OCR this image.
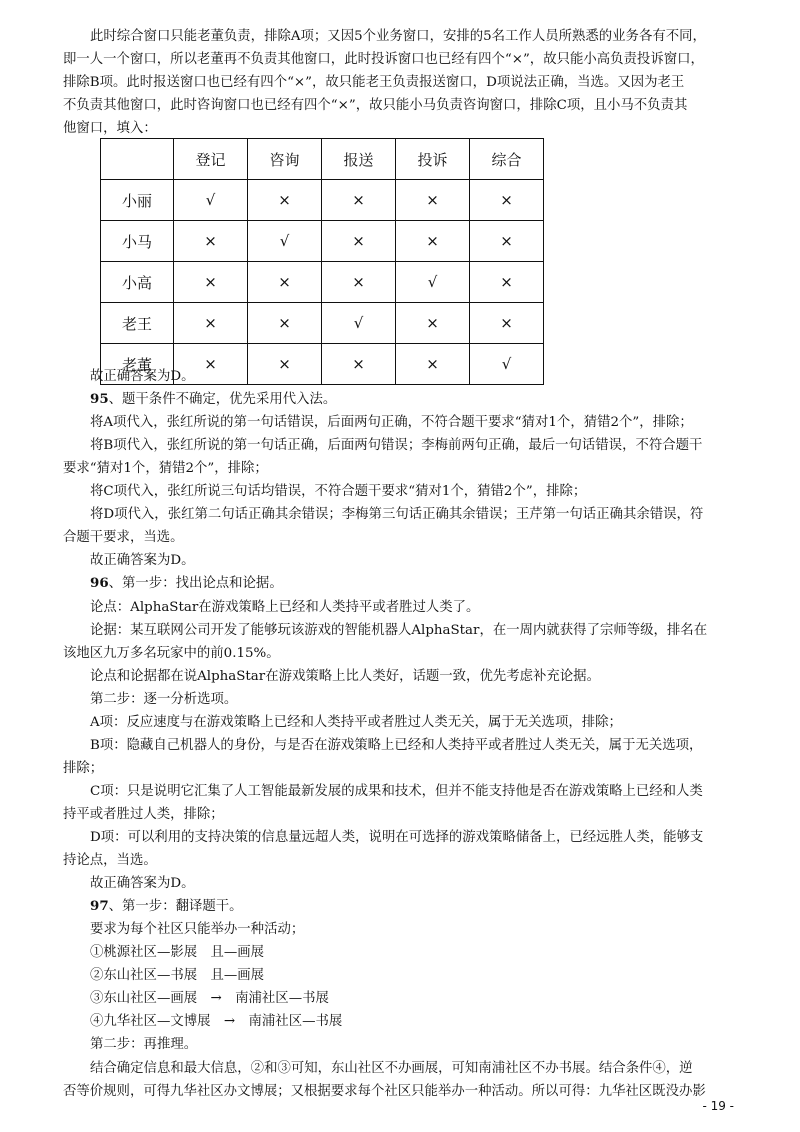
此时综合窗口只能老董负责，排除A项；又因5个业务窗口，安排的5名工作人员所熟悉的业务各有不同，
即一人一个窗口，所以老董再不负责其他窗口，此时投诉窗口也已经有四个“×”，故只能小高负责投诉窗口，
排除B项。此时报送窗口也已经有四个“×”，故只能老王负责报送窗口，D项说法正确，当选。又因为老王
不负责其他窗口，此时咨询窗口也已经有四个“×”，故只能小马负责咨询窗口，排除C项，且小马不负责其
他窗口，填入：
	登记	咨询	报送	投诉	综合
小丽	√	×	×	×	×
小马	×	√	×	×	×
小高	×	×	×	√	×
老王	×	×	√	×	×
老董	×	×	×	×	√
故正确答案为D。
95、题干条件不确定，优先采用代入法。
将A项代入，张红所说的第一句话错误，后面两句正确，不符合题干要求“猜对1个，猜错2个”，排除；
将B项代入，张红所说的第一句话正确，后面两句错误；李梅前两句正确，最后一句话错误，不符合题干
要求“猜对1个，猜错2个”，排除；
将C项代入，张红所说三句话均错误，不符合题干要求“猜对1个，猜错2个”，排除；
将D项代入，张红第二句话正确其余错误；李梅第三句话正确其余错误；王芹第一句话正确其余错误，符
合题干要求，当选。
故正确答案为D。
96、第一步：找出论点和论据。
论点：AlphaStar在游戏策略上已经和人类持平或者胜过人类了。
论据：某互联网公司开发了能够玩该游戏的智能机器人AlphaStar，在一周内就获得了宗师等级，排名在
该地区九万多名玩家中的前0.15%。
论点和论据都在说AlphaStar在游戏策略上比人类好，话题一致，优先考虑补充论据。
第二步：逐一分析选项。
A项：反应速度与在游戏策略上已经和人类持平或者胜过人类无关，属于无关选项，排除；
B项：隐藏自己机器人的身份，与是否在游戏策略上已经和人类持平或者胜过人类无关，属于无关选项，
排除；
C项：只是说明它汇集了人工智能最新发展的成果和技术，但并不能支持他是否在游戏策略上已经和人类
持平或者胜过人类，排除；
D项：可以利用的支持决策的信息量远超人类，说明在可选择的游戏策略储备上，已经远胜人类，能够支
持论点，当选。
故正确答案为D。
97、第一步：翻译题干。
要求为每个社区只能举办一种活动；
①桃源社区—影展　且—画展
②东山社区—书展　且—画展
③东山社区—画展　→　南浦社区—书展
④九华社区—文博展　→　南浦社区—书展
第二步：再推理。
结合确定信息和最大信息，②和③可知，东山社区不办画展，可知南浦社区不办书展。结合条件④，逆
否等价规则，可得九华社区办文博展；又根据要求每个社区只能举办一种活动。所以可得：九华社区既没办影
- 19 -
